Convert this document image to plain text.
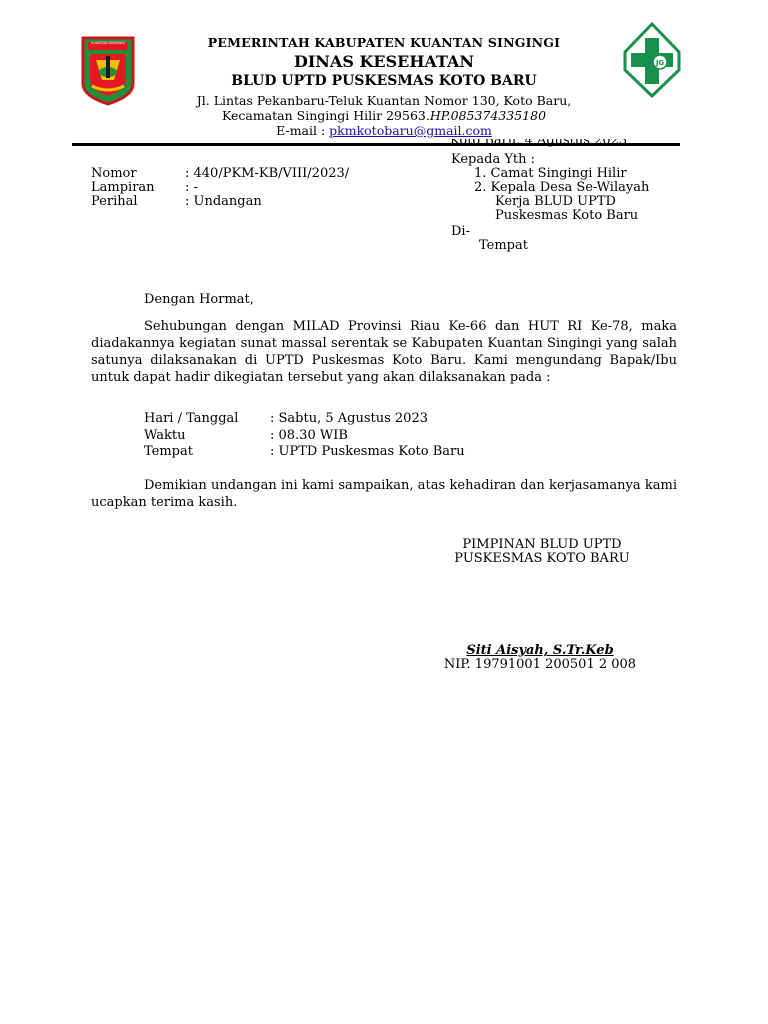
KUANTAN SINGINGI
JG
PEMERINTAH KABUPATEN KUANTAN SINGINGI
DINAS KESEHATAN
BLUD UPTD PUSKESMAS KOTO BARU
Jl. Lintas Pekanbaru-Teluk Kuantan Nomor 130, Koto Baru,
Kecamatan Singingi Hilir 29563.HP.085374335180
E-mail : pkmkotobaru@gmail.com
Nomor	: 440/PKM-KB/VIII/2023/
Lampiran : -
Perihal	: Undangan
Kepada Yth :
1. Camat Singingi Hilir
2. Kepala Desa Se-Wilayah
Kerja BLUD UPTD
Puskesmas Koto Baru
Di-
Tempat
Dengan Hormat,
Sehubungan dengan MILAD Provinsi Riau Ke-66 dan HUT RI Ke-78, maka diadakannya kegiatan sunat massal serentak se Kabupaten Kuantan Singingi yang salah satunya dilaksanakan di UPTD Puskesmas Koto Baru. Kami mengundang Bapak/Ibu untuk dapat hadir dikegiatan tersebut yang akan dilaksanakan pada :
Hari / Tanggal : Sabtu, 5 Agustus 2023
Waktu	: 08.30 WIB
Tempat	: UPTD Puskesmas Koto Baru
Demikian undangan ini kami sampaikan, atas kehadiran dan kerjasamanya kami ucapkan terima kasih.
PIMPINAN BLUD UPTD
PUSKESMAS KOTO BARU
Siti Aisyah, S.Tr.Keb
NIP. 19791001 200501 2 008
